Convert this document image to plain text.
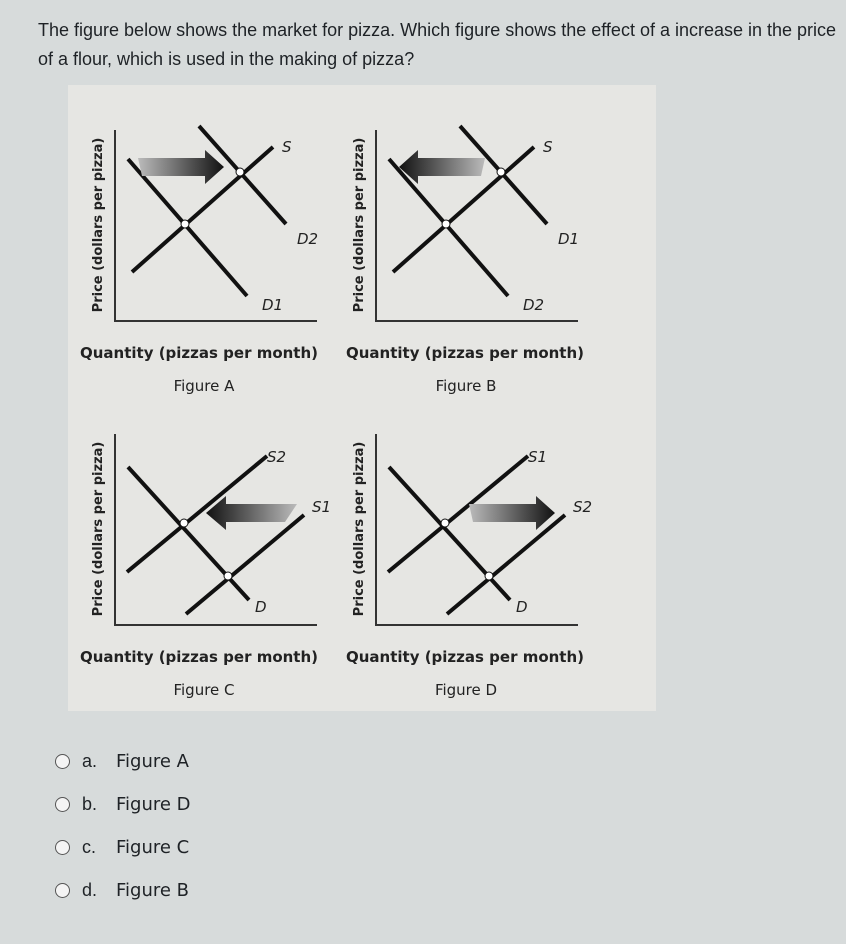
The figure below shows the market for pizza. Which figure shows the effect of a increase in the price of a flour, which is used in the making of pizza?
S
D2
D1
Price (dollars per pizza)
Quantity (pizzas per month)
Figure A
S
D1
D2
Price (dollars per pizza)
Quantity (pizzas per month)
Figure B
S2
S1
D
Price (dollars per pizza)
Quantity (pizzas per month)
Figure C
S1
S2
D
Price (dollars per pizza)
Quantity (pizzas per month)
Figure D
a.	Figure A
b.	Figure D
c.	Figure C
d.	Figure B
